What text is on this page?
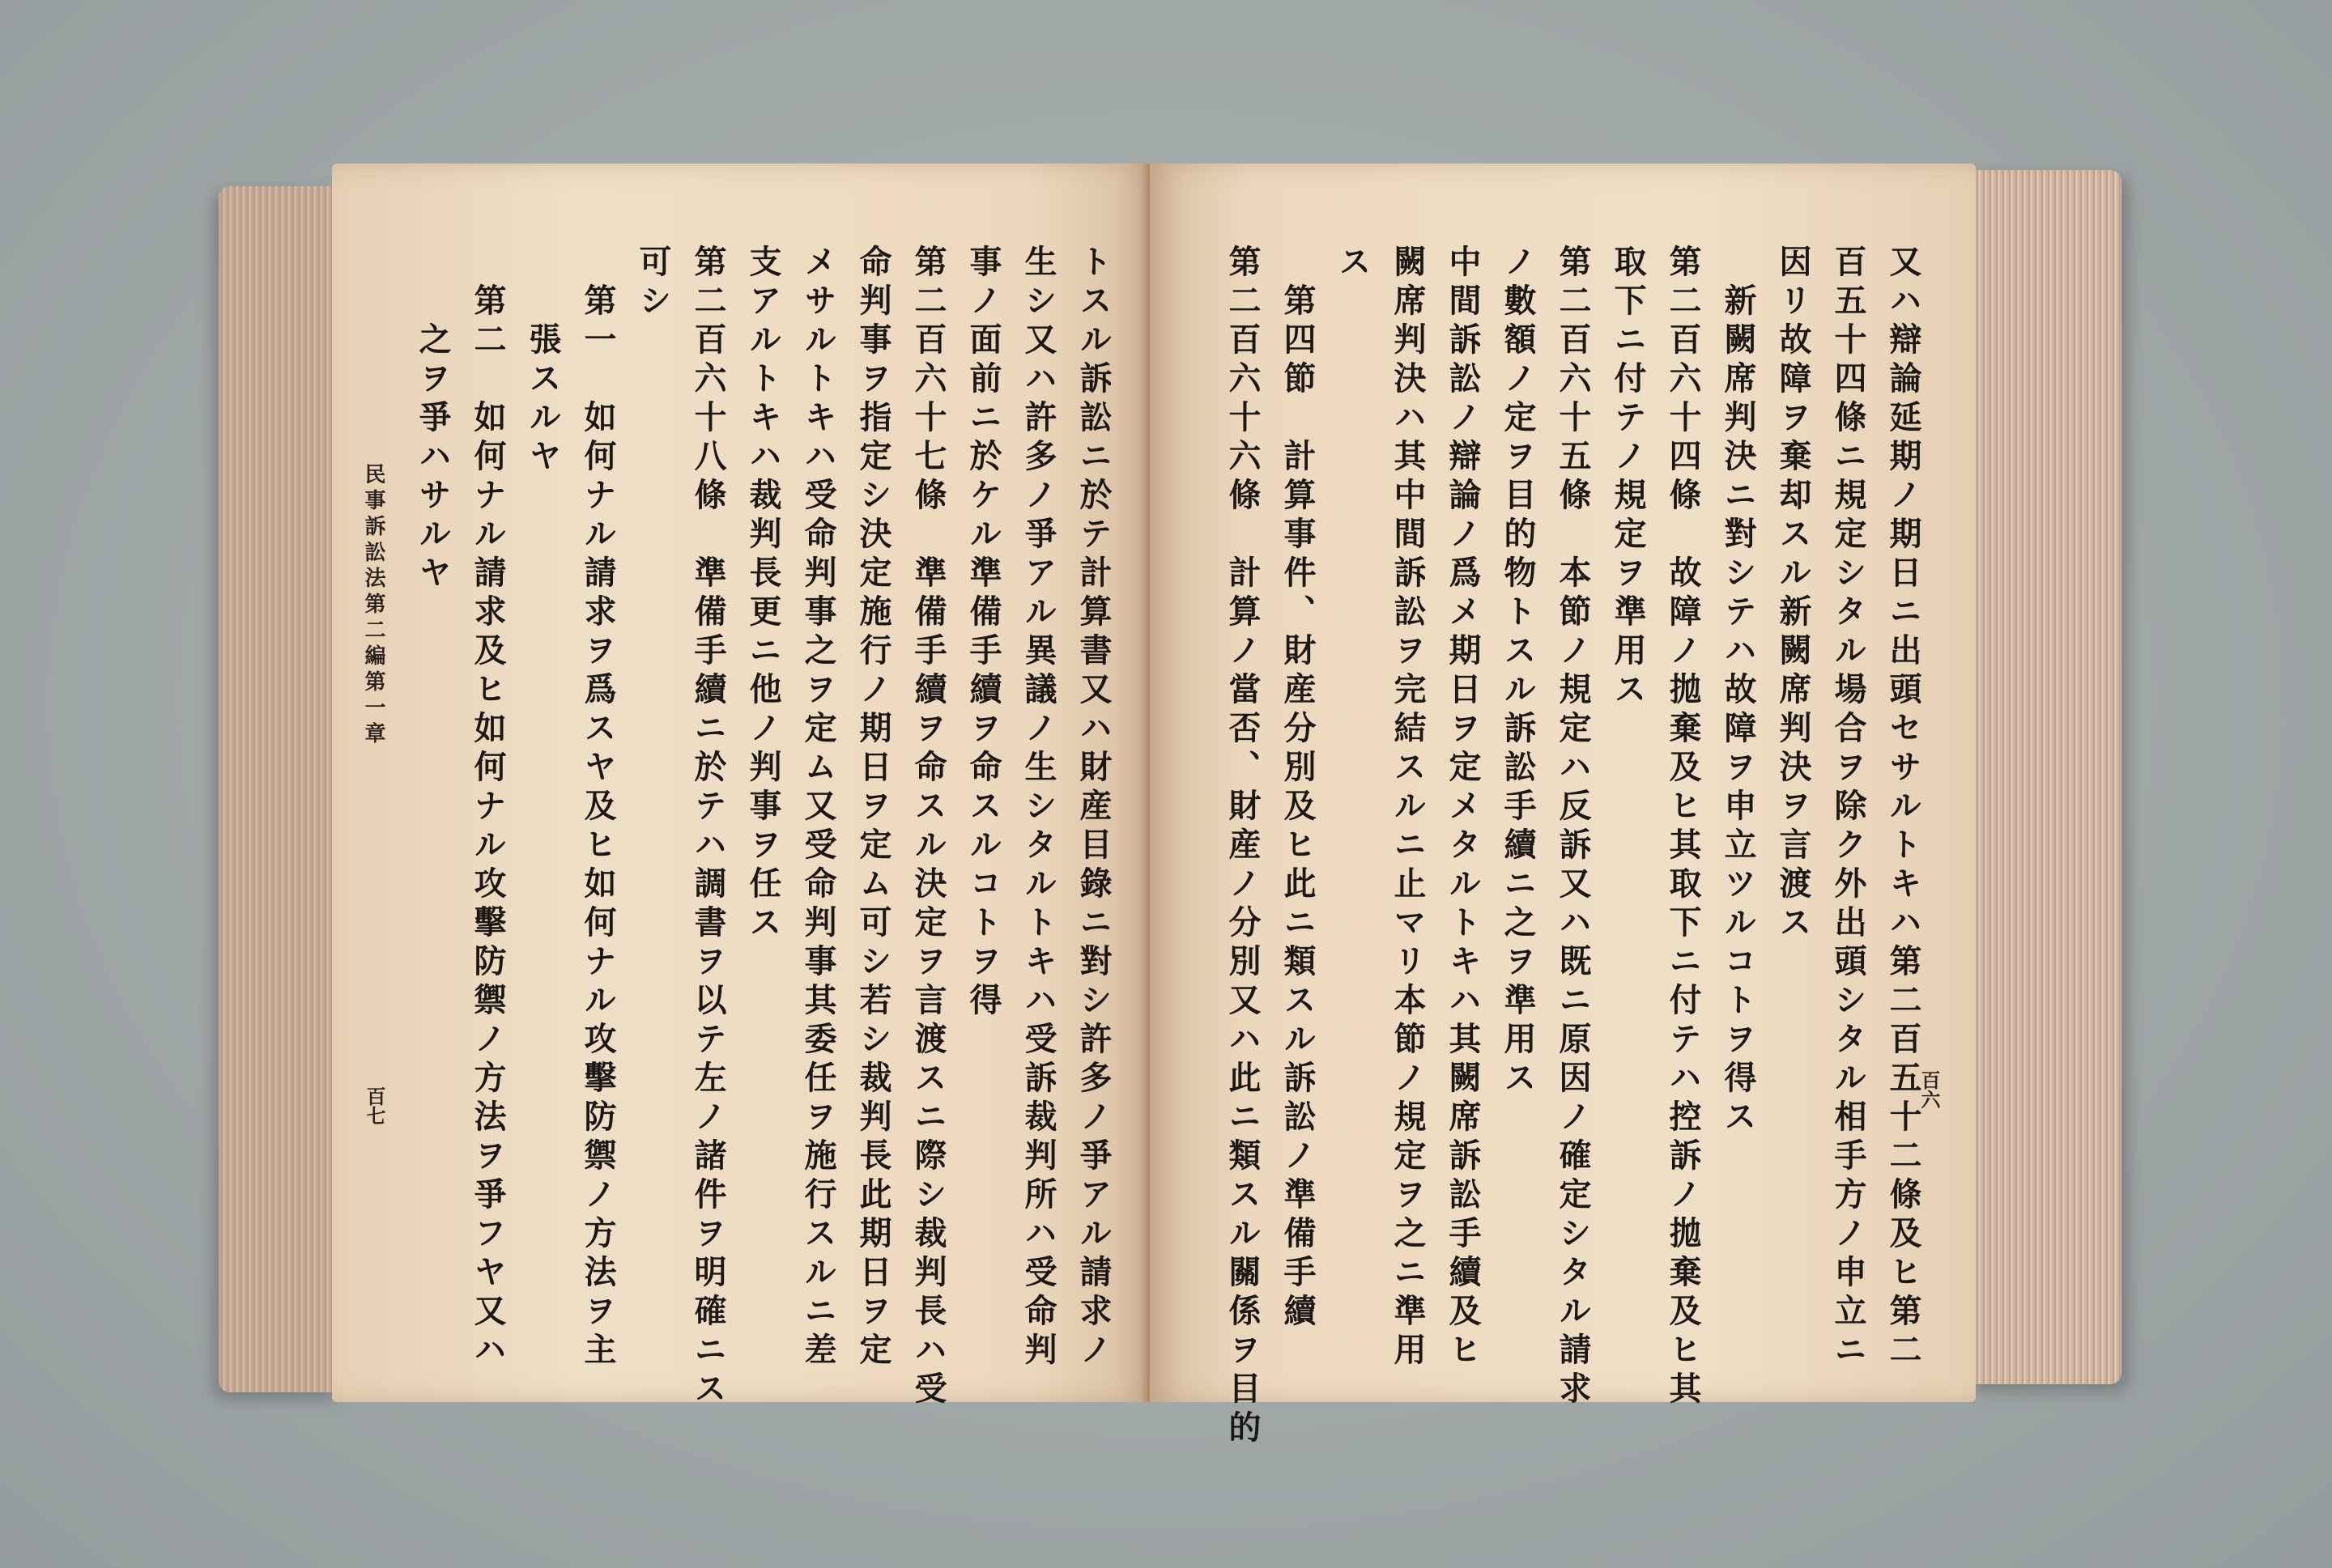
トスル訴訟ニ於テ計算書又ハ財産目錄ニ對シ許多ノ爭アル請求ノ
生シ又ハ許多ノ爭アル異議ノ生シタルトキハ受訴裁判所ハ受命判
事ノ面前ニ於ケル準備手續ヲ命スルコトヲ得
第二百六十七條　準備手續ヲ命スル決定ヲ言渡スニ際シ裁判長ハ受
命判事ヲ指定シ決定施行ノ期日ヲ定ム可シ若シ裁判長此期日ヲ定
メサルトキハ受命判事之ヲ定ム又受命判事其委任ヲ施行スルニ差
支アルトキハ裁判長更ニ他ノ判事ヲ任ス
第二百六十八條　準備手續ニ於テハ調書ヲ以テ左ノ諸件ヲ明確ニス
可シ
第一　如何ナル請求ヲ爲スヤ及ヒ如何ナル攻擊防禦ノ方法ヲ主
張スルヤ
第二　如何ナル請求及ヒ如何ナル攻擊防禦ノ方法ヲ爭フヤ又ハ
之ヲ爭ハサルヤ
民事訴訟法第二編第一章
百七	又ハ辯論延期ノ期日ニ出頭セサルトキハ第二百五十二條及ヒ第二
百五十四條ニ規定シタル場合ヲ除ク外出頭シタル相手方ノ申立ニ
因リ故障ヲ棄却スル新闕席判決ヲ言渡ス
新闕席判決ニ對シテハ故障ヲ申立ツルコトヲ得ス
第二百六十四條　故障ノ拋棄及ヒ其取下ニ付テハ控訴ノ拋棄及ヒ其
取下ニ付テノ規定ヲ準用ス
第二百六十五條　本節ノ規定ハ反訴又ハ既ニ原因ノ確定シタル請求
ノ數額ノ定ヲ目的物トスル訴訟手續ニ之ヲ準用ス
中間訴訟ノ辯論ノ爲メ期日ヲ定メタルトキハ其闕席訴訟手續及ヒ
闕席判決ハ其中間訴訟ヲ完結スルニ止マリ本節ノ規定ヲ之ニ準用
ス
第四節　計算事件、財産分別及ヒ此ニ類スル訴訟ノ準備手續
第二百六十六條　計算ノ當否、財産ノ分別又ハ此ニ類スル關係ヲ目的	百六
